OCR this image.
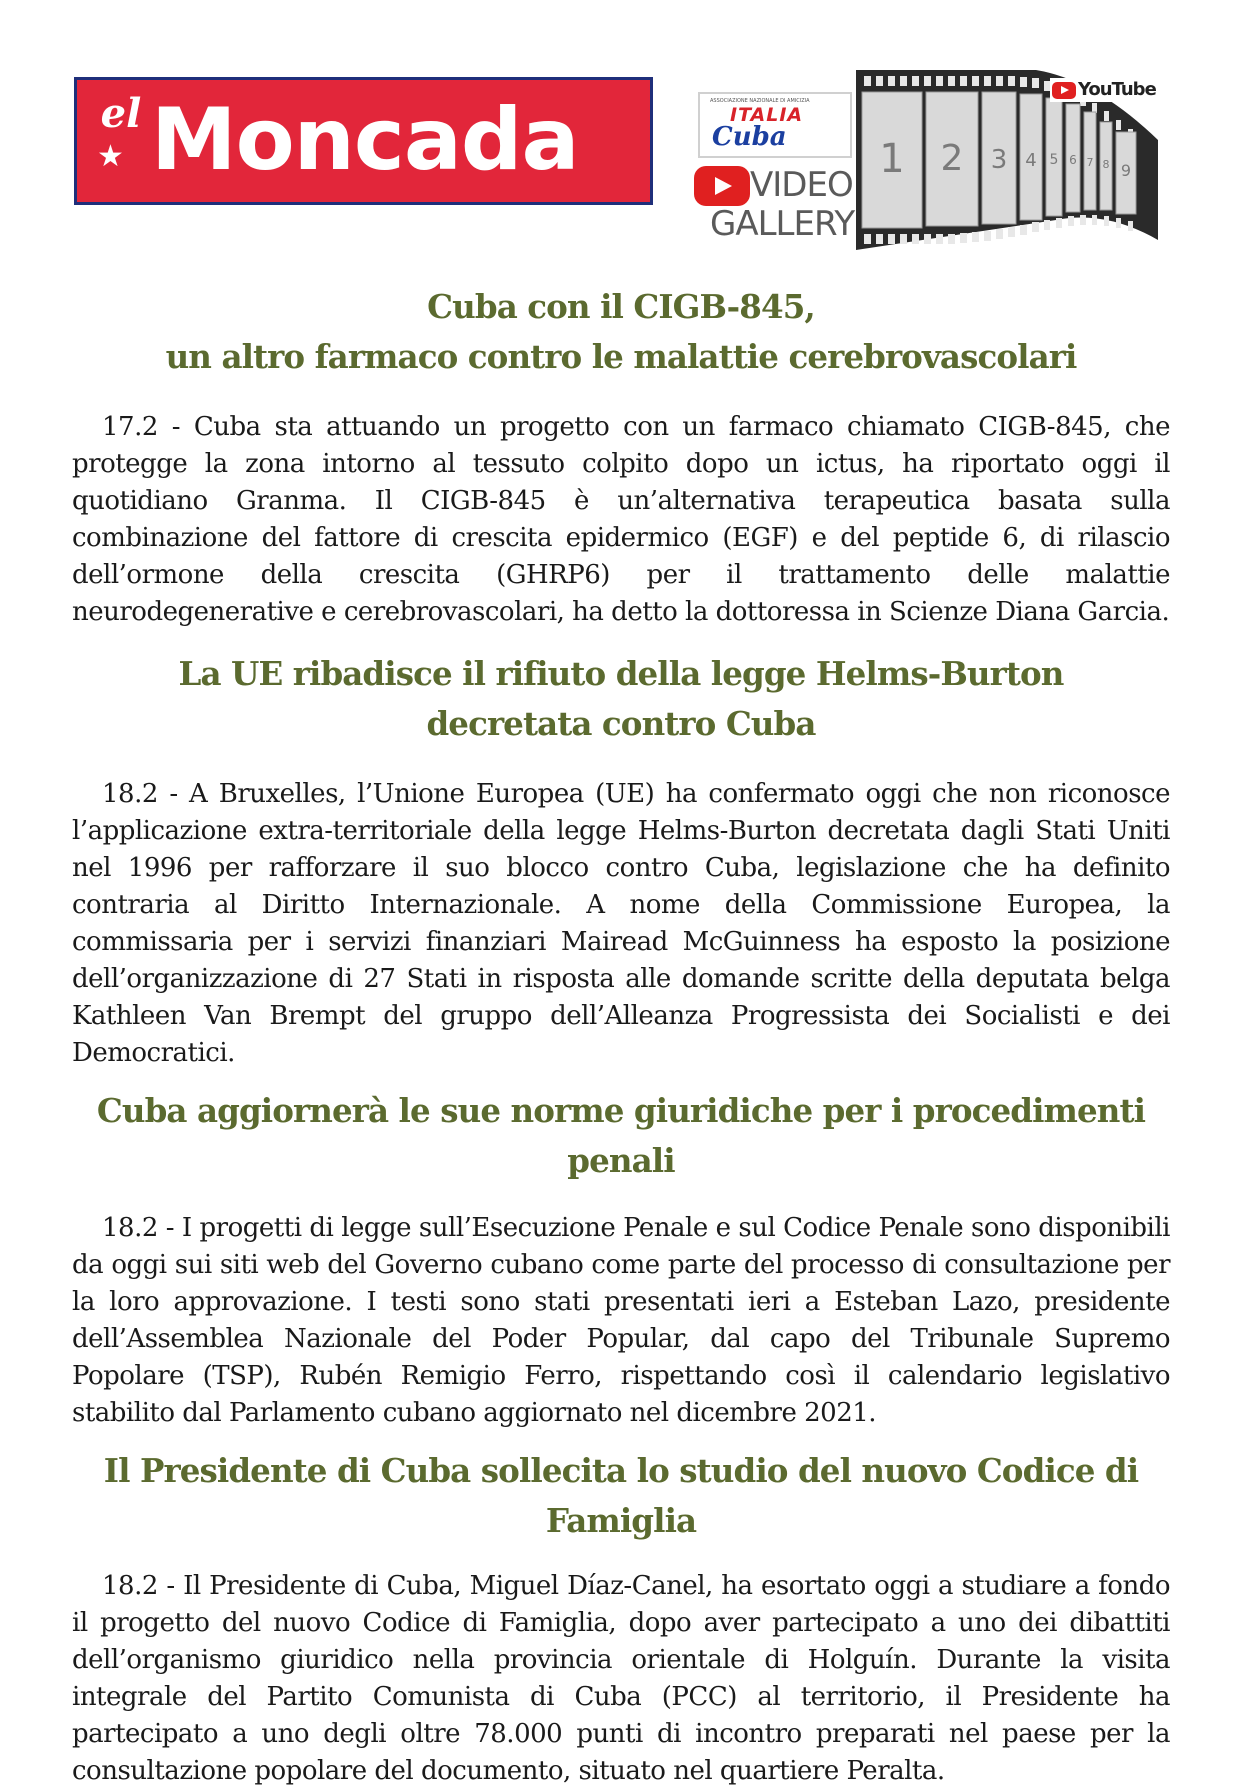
el
★ Moncada	ASSOCIAZIONE NAZIONALE DI AMICIZIA
ITALIA
Cuba
VIDEO
GALLERY
1 2 3 4 5 6 7 8 9
YouTube
Cuba con il CIGB-845,
un altro farmaco contro le malattie cerebrovascolari

17.2 - Cuba sta attuando un progetto con un farmaco chiamato CIGB-845, che protegge la zona intorno al tessuto colpito dopo un ictus, ha riportato oggi il quotidiano Granma. Il CIGB-845 è un’alternativa terapeutica basata sulla combinazione del fattore di crescita epidermico (EGF) e del peptide 6, di rilascio dell’ormone della crescita (GHRP6) per il trattamento delle malattie neurodegenerative e cerebrovascolari, ha detto la dottoressa in Scienze Diana Garcia.

La UE ribadisce il rifiuto della legge Helms-Burton
decretata contro Cuba

18.2 - A Bruxelles, l’Unione Europea (UE) ha confermato oggi che non riconosce l’applicazione extra-territoriale della legge Helms-Burton decretata dagli Stati Uniti nel 1996 per rafforzare il suo blocco contro Cuba, legislazione che ha definito contraria al Diritto Internazionale. A nome della Commissione Europea, la commissaria per i servizi finanziari Mairead McGuinness ha esposto la posizione dell’organizzazione di 27 Stati in risposta alle domande scritte della deputata belga Kathleen Van Brempt del gruppo dell’Alleanza Progressista dei Socialisti e dei Democratici.

Cuba aggiornerà le sue norme giuridiche per i procedimenti penali

18.2 - I progetti di legge sull’Esecuzione Penale e sul Codice Penale sono disponibili da oggi sui siti web del Governo cubano come parte del processo di consultazione per la loro approvazione. I testi sono stati presentati ieri a Esteban Lazo, presidente dell’Assemblea Nazionale del Poder Popular, dal capo del Tribunale Supremo Popolare (TSP), Rubén Remigio Ferro, rispettando così il calendario legislativo stabilito dal Parlamento cubano aggiornato nel dicembre 2021.

Il Presidente di Cuba sollecita lo studio del nuovo Codice di Famiglia

18.2 - Il Presidente di Cuba, Miguel Díaz-Canel, ha esortato oggi a studiare a fondo il progetto del nuovo Codice di Famiglia, dopo aver partecipato a uno dei dibattiti dell’organismo giuridico nella provincia orientale di Holguín. Durante la visita integrale del Partito Comunista di Cuba (PCC) al territorio, il Presidente ha partecipato a uno degli oltre 78.000 punti di incontro preparati nel paese per la consultazione popolare del documento, situato nel quartiere Peralta.
